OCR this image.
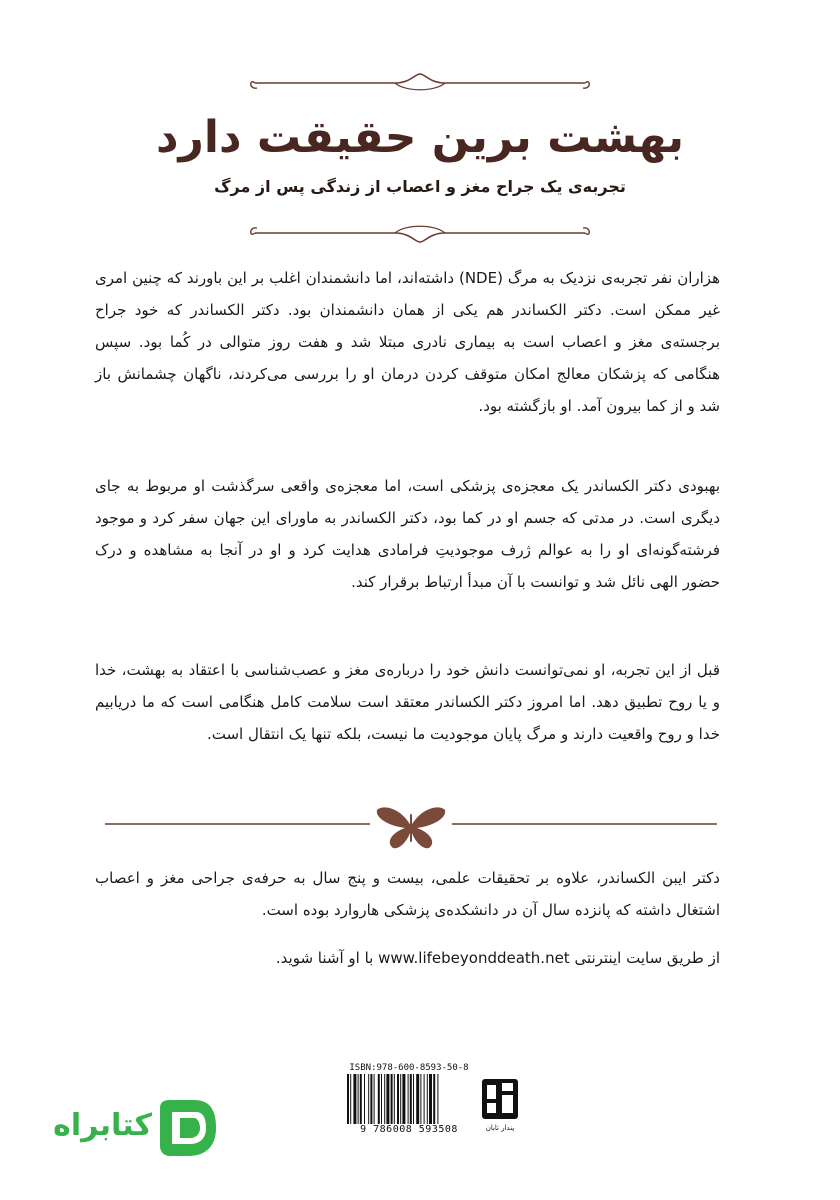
بهشت برین حقیقت دارد

تجربه‌ی یک جراح مغز و اعصاب از زندگی پس از مرگ

هزاران نفر تجربه‌ی نزدیک به مرگ (NDE) داشته‌اند، اما دانشمندان اغلب بر این باورند که چنین امری غیر ممکن است. دکتر الکساندر هم یکی از همان دانشمندان بود. دکتر الکساندر که خود جراح برجسته‌ی مغز و اعصاب است به بیماری نادری مبتلا شد و هفت روز متوالی در کُما بود. سپس هنگامی که پزشکان معالج امکان متوقف کردن درمان او را بررسی می‌کردند، ناگهان چشمانش باز شد و از کما بیرون آمد. او بازگشته بود.

بهبودی دکتر الکساندر یک معجزه‌ی پزشکی است، اما معجزه‌ی واقعی سرگذشت او مربوط به جای دیگری است. در مدتی که جسم او در کما بود، دکتر الکساندر به ماورای این جهان سفر کرد و موجود فرشته‌گونه‌ای او را به عوالم ژرف موجودیتِ فرامادی هدایت کرد و او در آنجا به مشاهده و درک حضور الهی نائل شد و توانست با آن مبدأ ارتباط برقرار کند.

قبل از این تجربه، او نمی‌توانست دانش خود را درباره‌ی مغز و عصب‌شناسی با اعتقاد به بهشت، خدا و یا روح تطبیق دهد. اما امروز دکتر الکساندر معتقد است سلامت کامل هنگامی است که ما دریابیم خدا و روح واقعیت دارند و مرگ پایان موجودیت ما نیست، بلکه تنها یک انتقال است.

دکتر ایبن الکساندر، علاوه بر تحقیقات علمی، بیست و پنج سال به حرفه‌ی جراحی مغز و اعصاب اشتغال داشته که پانزده سال آن در دانشکده‌ی پزشکی هاروارد بوده است.

از طریق سایت اینترنتی www.lifebeyonddeath.net با او آشنا شوید.

ISBN:978-600-8593-50-8
9 786008 593508	پندار تابان
کتابراه
